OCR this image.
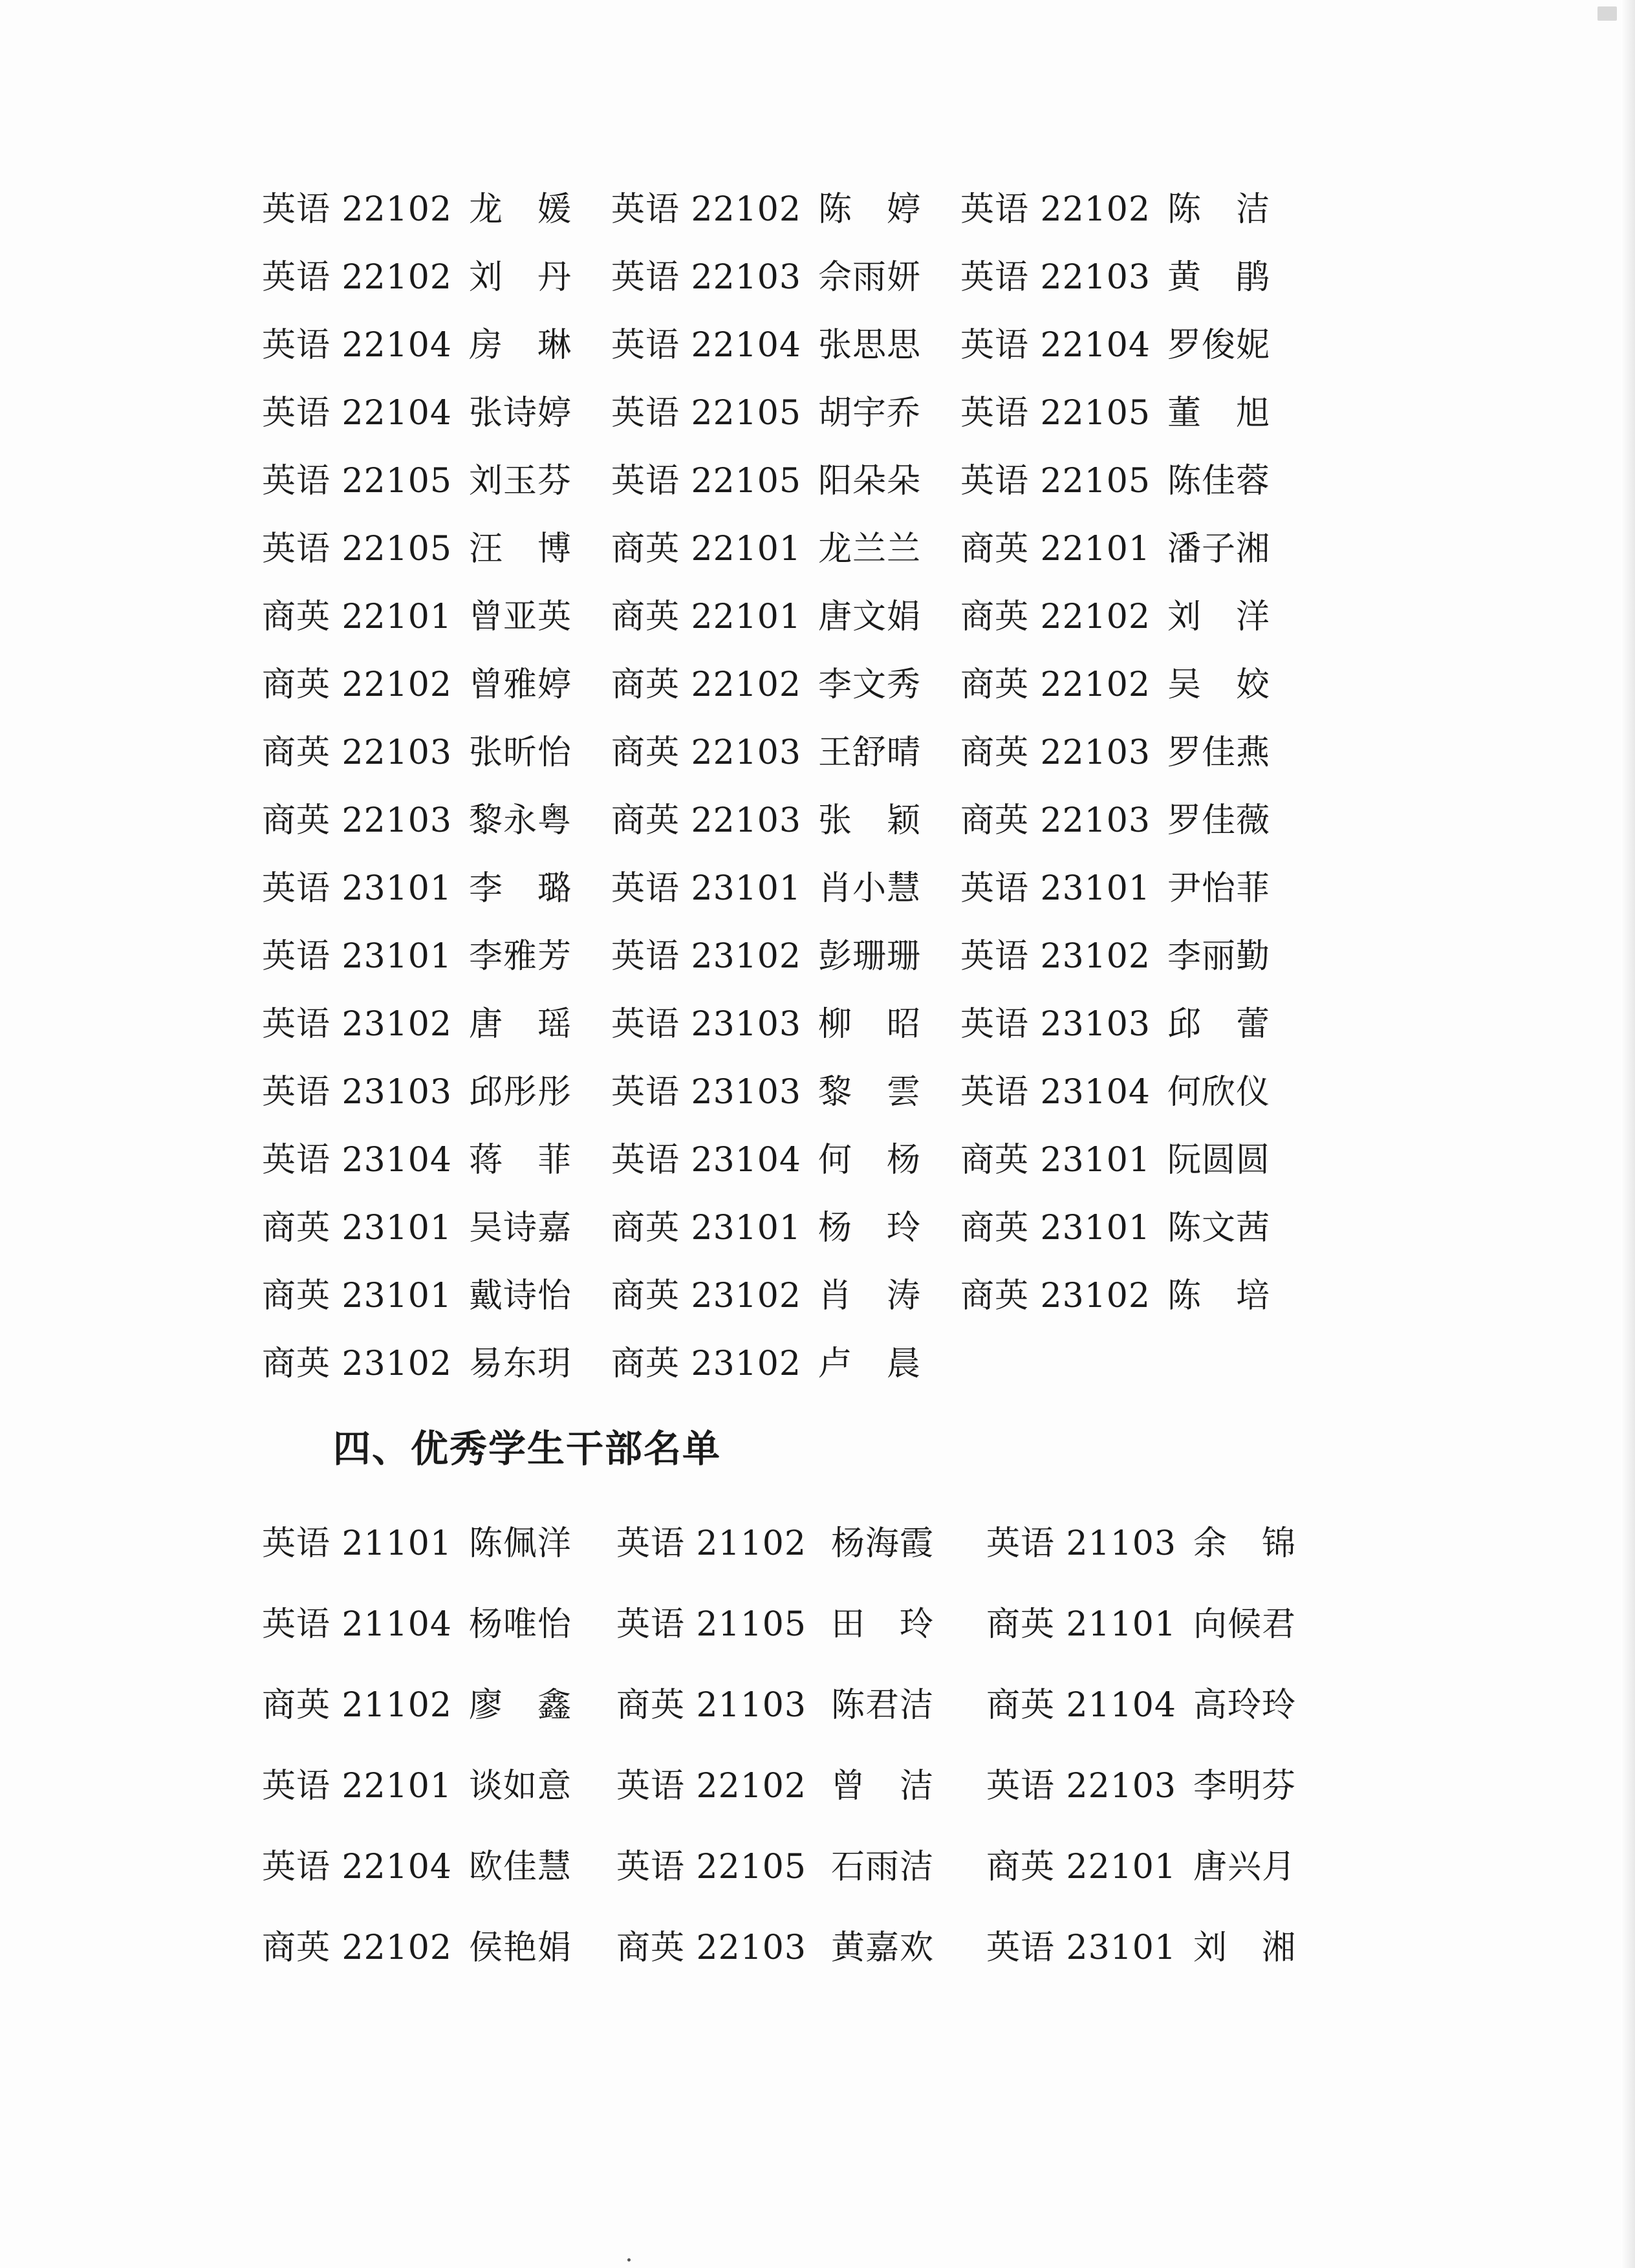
英语 22102 龙　媛 英语 22102 陈　婷 英语 22102 陈　洁
英语 22102 刘　丹 英语 22103 佘雨妍 英语 22103 黄　鹃
英语 22104 房　琳 英语 22104 张思思 英语 22104 罗俊妮
英语 22104 张诗婷 英语 22105 胡宇乔 英语 22105 董　旭
英语 22105 刘玉芬 英语 22105 阳朵朵 英语 22105 陈佳蓉
英语 22105 汪　博 商英 22101 龙兰兰 商英 22101 潘子湘
商英 22101 曾亚英 商英 22101 唐文娟 商英 22102 刘　洋
商英 22102 曾雅婷 商英 22102 李文秀 商英 22102 吴　姣
商英 22103 张昕怡 商英 22103 王舒晴 商英 22103 罗佳燕
商英 22103 黎永粤 商英 22103 张　颖 商英 22103 罗佳薇
英语 23101 李　璐 英语 23101 肖小慧 英语 23101 尹怡菲
英语 23101 李雅芳 英语 23102 彭珊珊 英语 23102 李丽勤
英语 23102 唐　瑶 英语 23103 柳　昭 英语 23103 邱　蕾
英语 23103 邱彤彤 英语 23103 黎　雲 英语 23104 何欣仪
英语 23104 蒋　菲 英语 23104 何　杨 商英 23101 阮圆圆
商英 23101 吴诗嘉 商英 23101 杨　玲 商英 23101 陈文茜
商英 23101 戴诗怡 商英 23102 肖　涛 商英 23102 陈　培
商英 23102 易东玥 商英 23102 卢　晨
四、优秀学生干部名单
英语 21101 陈佩洋 英语 21102 杨海霞 英语 21103 余　锦
英语 21104 杨唯怡 英语 21105 田　玲 商英 21101 向候君
商英 21102 廖　鑫 商英 21103 陈君洁 商英 21104 高玲玲
英语 22101 谈如意 英语 22102 曾　洁 英语 22103 李明芬
英语 22104 欧佳慧 英语 22105 石雨洁 商英 22101 唐兴月
商英 22102 侯艳娟 商英 22103 黄嘉欢 英语 23101 刘　湘
